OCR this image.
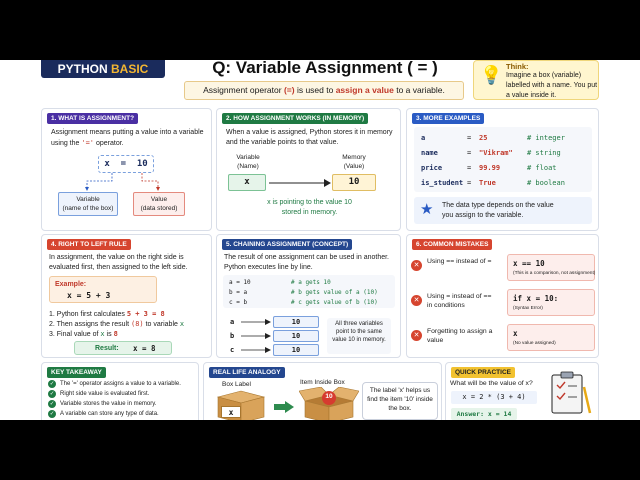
PYTHON BASIC	Q: Variable Assignment ( = )
Assignment operator (=) is used to assign a value to a variable.
💡 Think:
Imagine a box (variable) labelled with a name. You put a value inside it.
1. WHAT IS ASSIGNMENT?
Assignment means putting a value into a variable
using the '=' operator.
x  =  10
Variable
(name of the box)
Value
(data stored)
2. HOW ASSIGNMENT WORKS (IN MEMORY)
When a value is assigned, Python stores it in memory
and the variable points to that value.
Variable
(Name)
Memory
(Value)
x	10
x is pointing to the value 10
stored in memory.
3. MORE EXAMPLES
a	= 25	# integer
name	= "Vikram" # string
price	= 99.99	# float
is_student = True	# boolean
★ The data type depends on the value
you assign to the variable.
4. RIGHT TO LEFT RULE
In assignment, the value on the right side is
evaluated first, then assigned to the left side.
Example:
x = 5 + 3
1. Python first calculates 5 + 3 = 8
2. Then assigns the result (8) to variable x
3. Final value of x is 8
Result: x = 8
5. CHAINING ASSIGNMENT (CONCEPT)
The result of one assignment can be used in another.
Python executes line by line.
a = 10	# a gets 10
b = a	# b gets value of a (10)
c = b	# c gets value of b (10)
a	10
b	10
c	10
All three variables point to the same value 10 in memory.
6. COMMON MISTAKES
✕
Using == instead of =	x == 10
(This is a comparison, not assignment)
✕
Using = instead of == in conditions
if x = 10:
(Syntax Error)
✕
Forgetting to assign a value
x
(No value assigned)
KEY TAKEAWAY
✓ The '=' operator assigns a value to a variable.
✓ Right side value is evaluated first.
✓ Variable stores the value in memory.
✓ A variable can store any type of data.
REAL LIFE ANALOGY
Box Label
x
Item Inside Box
10
The label 'x' helps us find the item '10' inside the box.
QUICK PRACTICE
What will be the value of x?
x = 2 * (3 + 4)
Answer: x = 14
